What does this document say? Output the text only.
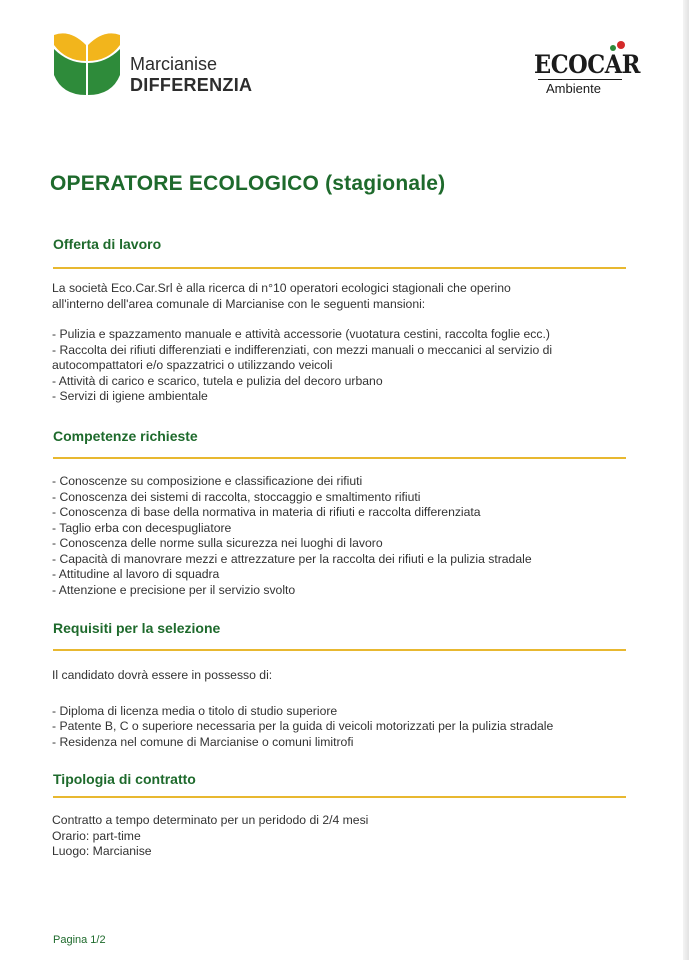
Marcianise
DIFFERENZIA
ECOCAR
Ambiente
OPERATORE ECOLOGICO (stagionale)
Offerta di lavoro

La società Eco.Car.Srl è alla ricerca di n°10 operatori ecologici stagionali che operino

all'interno dell'area comunale di Marcianise con le seguenti mansioni:

- Pulizia e spazzamento manuale e attività accessorie (vuotatura cestini, raccolta foglie ecc.)

- Raccolta dei rifiuti differenziati e indifferenziati, con mezzi manuali o meccanici al servizio di

autocompattatori e/o spazzatrici o utilizzando veicoli

- Attività di carico e scarico, tutela e pulizia del decoro urbano

- Servizi di igiene ambientale

Competenze richieste

- Conoscenze su composizione e classificazione dei rifiuti

- Conoscenza dei sistemi di raccolta, stoccaggio e smaltimento rifiuti

- Conoscenza di base della normativa in materia di rifiuti e raccolta differenziata

- Taglio erba con decespugliatore

- Conoscenza delle norme sulla sicurezza nei luoghi di lavoro

- Capacità di manovrare mezzi e attrezzature per la raccolta dei rifiuti e la pulizia stradale

- Attitudine al lavoro di squadra

- Attenzione e precisione per il servizio svolto

Requisiti per la selezione

Il candidato dovrà essere in possesso di:

- Diploma di licenza media o titolo di studio superiore

- Patente B, C o superiore necessaria per la guida di veicoli motorizzati per la pulizia stradale

- Residenza nel comune di Marcianise o comuni limitrofi

Tipologia di contratto

Contratto a tempo determinato per un peridodo di 2/4 mesi

Orario: part-time

Luogo: Marcianise

Pagina 1/2
